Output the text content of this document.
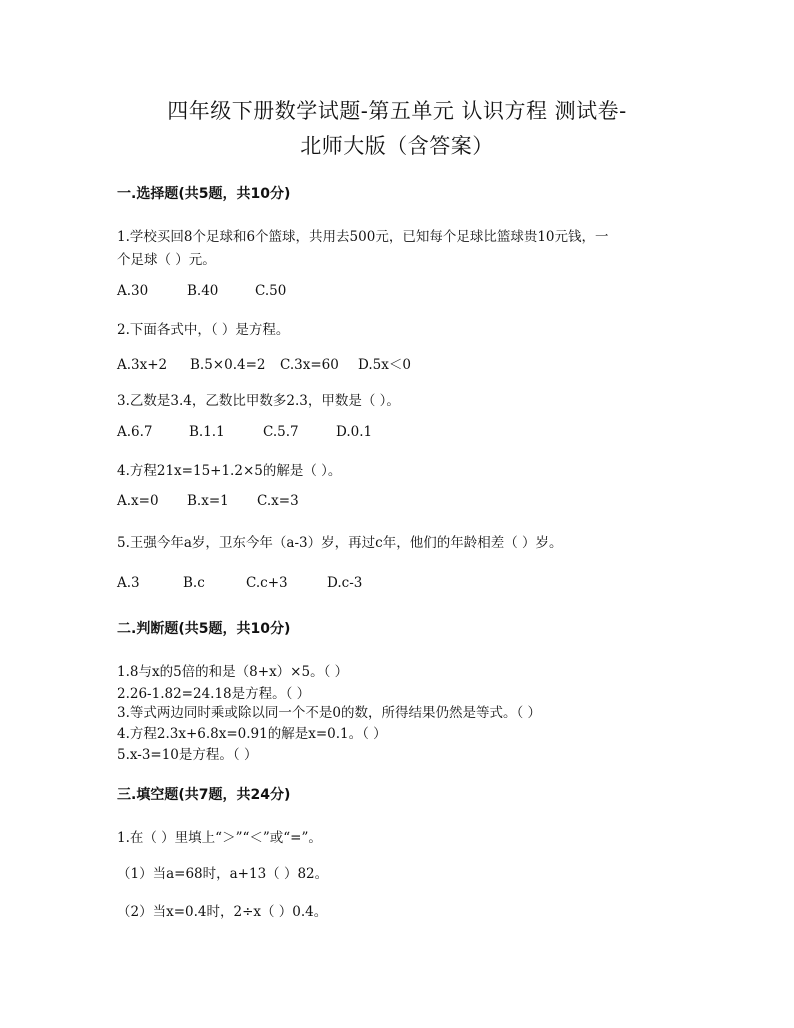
四年级下册数学试题-第五单元 认识方程 测试卷-
北师大版（含答案）
一.选择题(共5题，共10分)
1.学校买回8个足球和6个篮球，共用去500元，已知每个足球比篮球贵10元钱，一
个足球（ ）元。
A.30	B.40	C.50
2.下面各式中，（ ）是方程。
A.3x+2 B.5×0.4=2 C.3x=60 D.5x＜0
3.乙数是3.4，乙数比甲数多2.3，甲数是（ ）。
A.6.7	B.1.1	C.5.7	D.0.1
4.方程21x=15+1.2×5的解是（ ）。
A.x=0 B.x=1 C.x=3
5.王强今年a岁，卫东今年（a-3）岁，再过c年，他们的年龄相差（ ）岁。
A.3	B.c	C.c+3	D.c-3
二.判断题(共5题，共10分)
1.8与x的5倍的和是（8+x）×5。（ ）
2.26-1.82=24.18是方程。（ ）
3.等式两边同时乘或除以同一个不是0的数，所得结果仍然是等式。（ ）
4.方程2.3x+6.8x=0.91的解是x=0.1。（ ）
5.x-3=10是方程。（ ）
三.填空题(共7题，共24分)
1.在（ ）里填上“＞”“＜”或“=”。
（1）当a=68时，a+13（ ）82。
（2）当x=0.4时，2÷x（ ）0.4。
